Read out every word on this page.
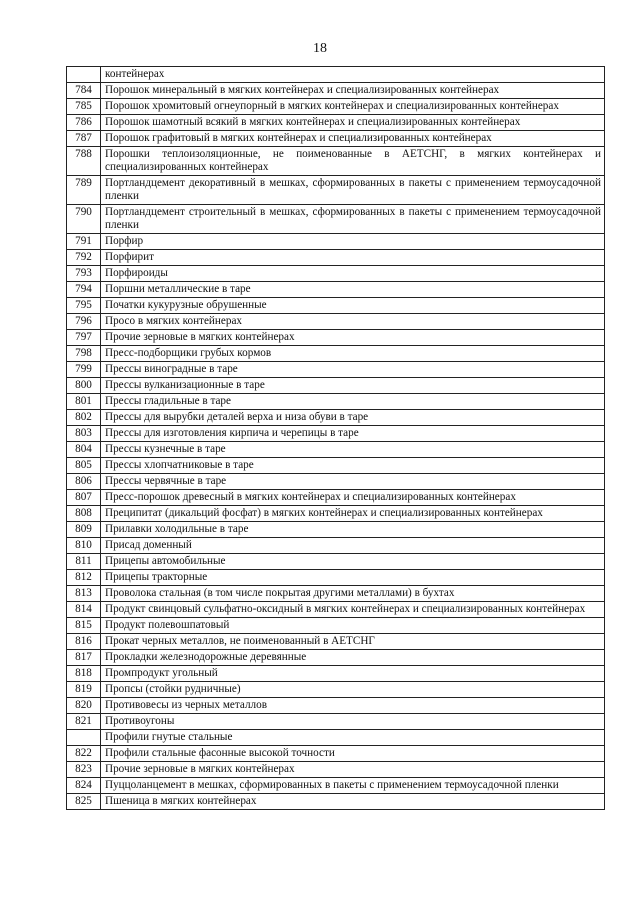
18
	контейнерах
784	Порошок минеральный в мягких контейнерах и специализированных контейнерах
785	Порошок хромитовый огнеупорный в мягких контейнерах и специализированных контейнерах
786	Порошок шамотный всякий в мягких контейнерах и специализированных контейнерах
787	Порошок графитовый в мягких контейнерах и специализированных контейнерах
788	Порошки теплоизоляционные, не поименованные в АЕТСНГ, в мягких контейнерах и специализированных контейнерах
789	Портландцемент декоративный в мешках, сформированных в пакеты с применением термоусадочной пленки
790	Портландцемент строительный в мешках, сформированных в пакеты с применением термоусадочной пленки
791	Порфир
792	Порфирит
793	Порфироиды
794	Поршни металлические в таре
795	Початки кукурузные обрушенные
796	Просо в мягких контейнерах
797	Прочие зерновые в мягких контейнерах
798	Пресс-подборщики грубых кормов
799	Прессы виноградные в таре
800	Прессы вулканизационные в таре
801	Прессы гладильные в таре
802	Прессы для вырубки деталей верха и низа обуви в таре
803	Прессы для изготовления кирпича и черепицы в таре
804	Прессы кузнечные в таре
805	Прессы хлопчатниковые в таре
806	Прессы червячные в таре
807	Пресс-порошок древесный в мягких контейнерах и специализированных контейнерах
808	Преципитат (дикальций фосфат) в мягких контейнерах и специализированных контейнерах
809	Прилавки холодильные в таре
810	Присад доменный
811	Прицепы автомобильные
812	Прицепы тракторные
813	Проволока стальная (в том числе покрытая другими металлами) в бухтах
814	Продукт свинцовый сульфатно-оксидный в мягких контейнерах и специализированных контейнерах
815	Продукт полевошпатовый
816	Прокат черных металлов, не поименованный в АЕТСНГ
817	Прокладки железнодорожные деревянные
818	Промпродукт угольный
819	Пропсы (стойки рудничные)
820	Противовесы из черных металлов
821	Противоугоны
	Профили гнутые стальные
822	Профили стальные фасонные высокой точности
823	Прочие зерновые в мягких контейнерах
824	Пуццоланцемент в мешках, сформированных в пакеты с применением термоусадочной пленки
825	Пшеница в мягких контейнерах
